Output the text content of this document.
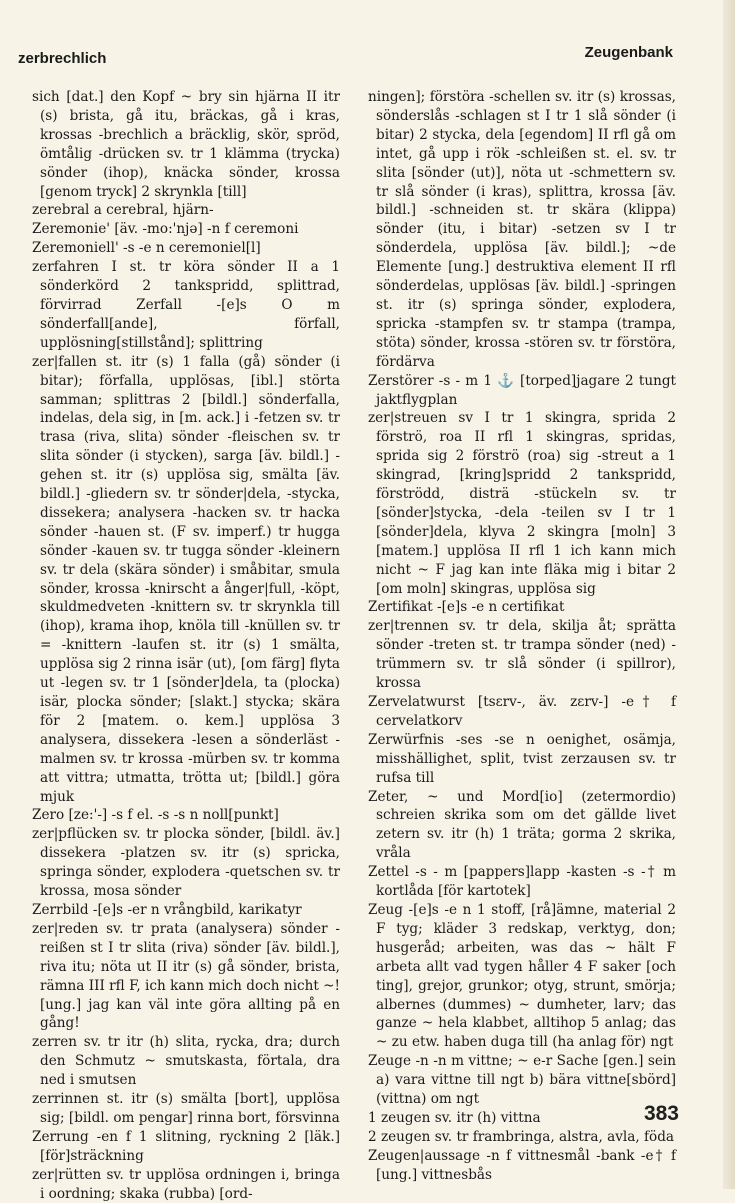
zerbrechlich	Zeugenbank

sich [dat.] den Kopf ~ bry sin hjärna II itr (s) brista, gå itu, bräckas, gå i kras, krossas -brechlich a bräcklig, skör, spröd, ömtålig -drücken sv. tr 1 klämma (trycka) sönder (ihop), knäcka sönder, krossa [genom tryck] 2 skrynkla [till]

zerebral a cerebral, hjärn-

Zeremonie' [äv. -mo:'njə] -n f ceremoni

Zeremoniell' -s -e n ceremoniel[l]

zerfahren I st. tr köra sönder II a 1 sönderkörd 2 tankspridd, splittrad, förvirrad Zerfall -[e]s O m sönderfall[ande], förfall, upplösning[stillstånd]; splittring

zer|fallen st. itr (s) 1 falla (gå) sönder (i bitar); förfalla, upplösas, [ibl.] störta samman; splittras 2 [bildl.] sönderfalla, indelas, dela sig, in [m. ack.] i -fetzen sv. tr trasa (riva, slita) sönder -fleischen sv. tr slita sönder (i stycken), sarga [äv. bildl.] -gehen st. itr (s) upplösa sig, smälta [äv. bildl.] -gliedern sv. tr sönder|dela, -stycka, dissekera; analysera -hacken sv. tr hacka sönder -hauen st. (F sv. imperf.) tr hugga sönder -kauen sv. tr tugga sönder -kleinern sv. tr dela (skära sönder) i småbitar, smula sönder, krossa -knirscht a ånger|full, -köpt, skuldmedveten -knittern sv. tr skrynkla till (ihop), krama ihop, knöla till -knüllen sv. tr = -knittern -laufen st. itr (s) 1 smälta, upplösa sig 2 rinna isär (ut), [om färg] flyta ut -legen sv. tr 1 [sönder]dela, ta (plocka) isär, plocka sönder; [slakt.] stycka; skära för 2 [matem. o. kem.] upplösa 3 analysera, dissekera -lesen a sönderläst -malmen sv. tr krossa -mürben sv. tr komma att vittra; utmatta, trötta ut; [bildl.] göra mjuk

Zero [ze:'-] -s f el. -s -s n noll[punkt]

zer|pflücken sv. tr plocka sönder, [bildl. äv.] dissekera -platzen sv. itr (s) spricka, springa sönder, explodera -quetschen sv. tr krossa, mosa sönder

Zerrbild -[e]s -er n vrångbild, karikatyr

zer|reden sv. tr prata (analysera) sönder -reißen st I tr slita (riva) sönder [äv. bildl.], riva itu; nöta ut II itr (s) gå sönder, brista, rämna III rfl F, ich kann mich doch nicht ~! [ung.] jag kan väl inte göra allting på en gång!

zerren sv. tr itr (h) slita, rycka, dra; durch den Schmutz ~ smutskasta, förtala, dra ned i smutsen

zerrinnen st. itr (s) smälta [bort], upplösa sig; [bildl. om pengar] rinna bort, försvinna

Zerrung -en f 1 slitning, ryckning 2 [läk.] [för]sträckning

zer|rütten sv. tr upplösa ordningen i, bringa i oordning; skaka (rubba) [ord-

ningen]; förstöra -schellen sv. itr (s) krossas, sönderslås -schlagen st I tr 1 slå sönder (i bitar) 2 stycka, dela [egendom] II rfl gå om intet, gå upp i rök -schleißen st. el. sv. tr slita [sönder (ut)], nöta ut -schmettern sv. tr slå sönder (i kras), splittra, krossa [äv. bildl.] -schneiden st. tr skära (klippa) sönder (itu, i bitar) -setzen sv I tr sönderdela, upplösa [äv. bildl.]; ~de Elemente [ung.] destruktiva element II rfl sönderdelas, upplösas [äv. bildl.] -springen st. itr (s) springa sönder, explodera, spricka -stampfen sv. tr stampa (trampa, stöta) sönder, krossa -stören sv. tr förstöra, fördärva

Zerstörer -s - m 1 ⚓ [torped]jagare 2 tungt jaktflygplan

zer|streuen sv I tr 1 skingra, sprida 2 förströ, roa II rfl 1 skingras, spridas, sprida sig 2 förströ (roa) sig -streut a 1 skingrad, [kring]spridd 2 tankspridd, förströdd, disträ -stückeln sv. tr [sönder]stycka, -dela -teilen sv I tr 1 [sönder]dela, klyva 2 skingra [moln] 3 [matem.] upplösa II rfl 1 ich kann mich nicht ~ F jag kan inte fläka mig i bitar 2 [om moln] skingras, upplösa sig

Zertifikat -[e]s -e n certifikat

zer|trennen sv. tr dela, skilja åt; sprätta sönder -treten st. tr trampa sönder (ned) -trümmern sv. tr slå sönder (i spillror), krossa

Zervelatwurst [tsɛrv-, äv. zɛrv-] -e† f cervelatkorv

Zerwürfnis -ses -se n oenighet, osämja, misshällighet, split, tvist zerzausen sv. tr rufsa till

Zeter, ~ und Mord[io] (zetermordio) schreien skrika som om det gällde livet zetern sv. itr (h) 1 träta; gorma 2 skrika, vråla

Zettel -s - m [pappers]lapp -kasten -s -† m kortlåda [för kartotek]

Zeug -[e]s -e n 1 stoff, [rå]ämne, material 2 F tyg; kläder 3 redskap, verktyg, don; husgeråd; arbeiten, was das ~ hält F arbeta allt vad tygen håller 4 F saker [och ting], grejor, grunkor; otyg, strunt, smörja; albernes (dummes) ~ dumheter, larv; das ganze ~ hela klabbet, alltihop 5 anlag; das ~ zu etw. haben duga till (ha anlag för) ngt

Zeuge -n -n m vittne; ~ e-r Sache [gen.] sein a) vara vittne till ngt b) bära vittne[sbörd] (vittna) om ngt

1 zeugen sv. itr (h) vittna

2 zeugen sv. tr frambringa, alstra, avla, föda

Zeugen|aussage -n f vittnesmål -bank -e† f [ung.] vittnesbås

383
